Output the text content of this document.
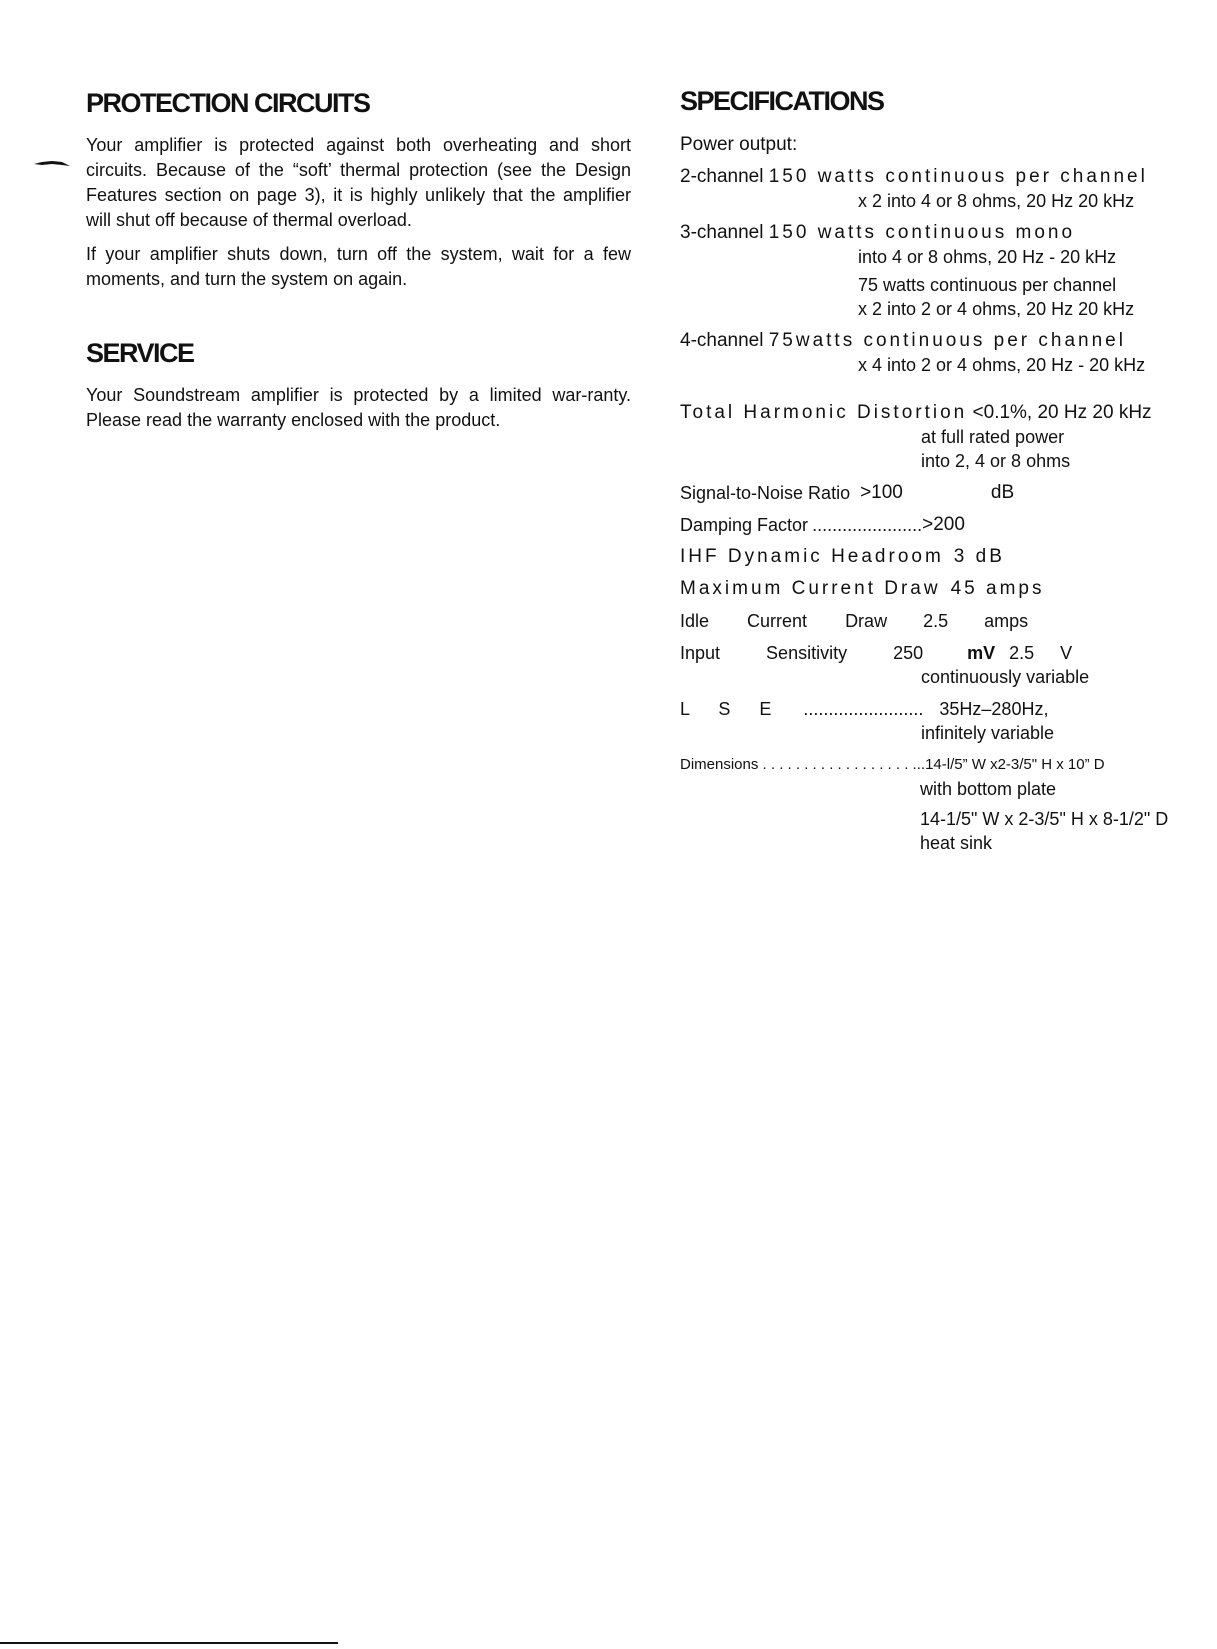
PROTECTION CIRCUITS

Your amplifier is protected against both overheating and short circuits. Because of the “soft’ thermal protection (see the Design Features section on page 3), it is highly unlikely that the amplifier will shut off because of thermal overload.

If your amplifier shuts down, turn off the system, wait for a few moments, and turn the system on again.

SERVICE

Your Soundstream amplifier is protected by a limited war-ranty. Please read the warranty enclosed with the product.

SPECIFICATIONS
Power output:
2-channel 150 watts continuous per channel
x 2 into 4 or 8 ohms, 20 Hz 20 kHz
3-channel 150 watts continuous mono
into 4 or 8 ohms, 20 Hz - 20 kHz
75 watts continuous per channel
x 2 into 2 or 4 ohms, 20 Hz 20 kHz
4-channel 75watts continuous per channel
x 4 into 2 or 4 ohms, 20 Hz - 20 kHz
Total Harmonic Distortion <0.1%, 20 Hz 20 kHz
at full rated power
into 2, 4 or 8 ohms
Signal-to-Noise Ratio >100	dB
Damping Factor ...................... >200
IHF Dynamic Headroom 3 dB
Maximum Current Draw 45 amps
Idle Current Draw 2.5 amps
Input	Sensitivity	250 mV 2.5 V
continuously variable
L S E ........................ 35Hz–280Hz,
infinitely variable
Dimensions . . . . . . . . . . . . . . . . . . . ..14-l/5” W x2-3/5" H x 10” D
with bottom plate
14-1/5" W x 2-3/5" H x 8-1/2" D
heat sink
